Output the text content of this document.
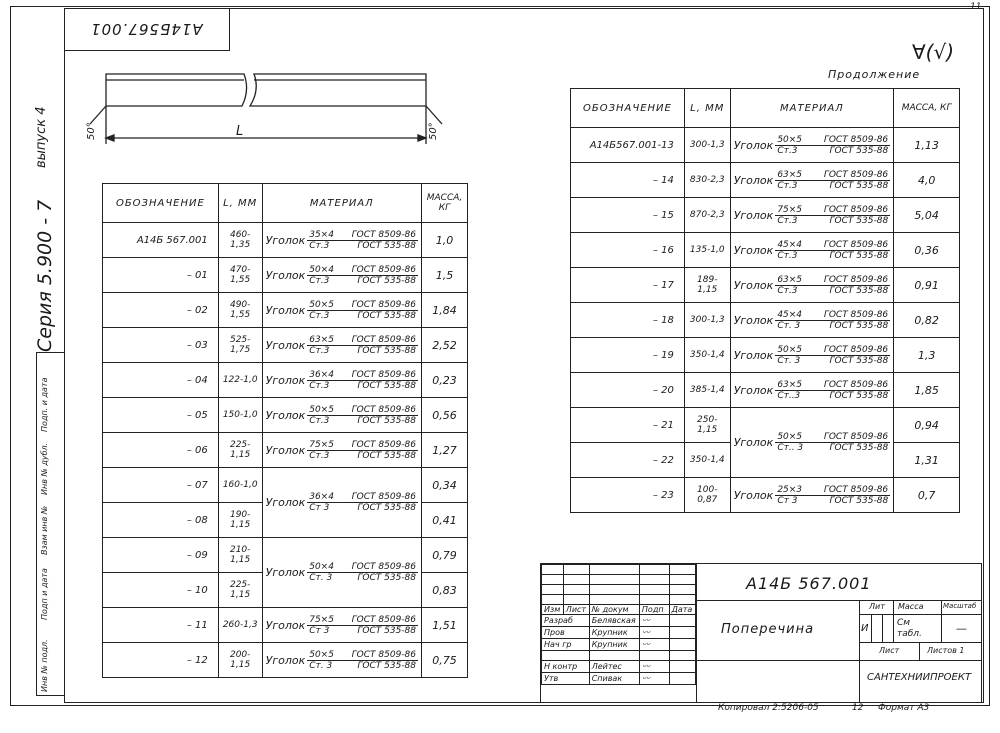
11
Серия 5.900 - 7
выпуск 4
Инв № подл.
Подп и дата
Взам инв №
Инв № дубл.
Подп. и дата
А14Б567.001
L
50°	50°
∀(√)
Продолжение
ОБОЗНАЧЕНИЕ	L, ММ	МАТЕРИАЛ	МАССА, КГ
А14Б 567.001	460-1,35	Уголок $\frac{\text{35×4 ГОСТ 8509-86}}{\text{Ст.3 ГОСТ 535-88}}$	1,0
– 01	470-1,55	Уголок $\frac{\text{50×4 ГОСТ 8509-86}}{\text{Ст.3 ГОСТ 535-88}}$	1,5
– 02	490-1,55	Уголок $\frac{\text{50×5 ГОСТ 8509-86}}{\text{Ст.3 ГОСТ 535-88}}$	1,84
– 03	525-1,75	Уголок $\frac{\text{63×5 ГОСТ 8509-86}}{\text{Ст.3 ГОСТ 535-88}}$	2,52
– 04	122-1,0	Уголок $\frac{\text{36×4 ГОСТ 8509-86}}{\text{Ст.3 ГОСТ 535-88}}$	0,23
– 05	150-1,0	Уголок $\frac{\text{50×5 ГОСТ 8509-86}}{\text{Ст.3 ГОСТ 535-88}}$	0,56
– 06	225-1,15	Уголок $\frac{\text{75×5 ГОСТ 8509-86}}{\text{Ст.3 ГОСТ 535-88}}$	1,27
– 07	160-1,0	Уголок $\frac{\text{36×4 ГОСТ 8509-86}}{\text{Ст 3 ГОСТ 535-88}}$	0,34
– 08	190-1,15		0,41
– 09	210-1,15	Уголок $\frac{\text{50×4 ГОСТ 8509-86}}{\text{Ст. 3 ГОСТ 535-88}}$	0,79
– 10	225-1,15		0,83
– 11	260-1,3	Уголок $\frac{\text{75×5 ГОСТ 8509-86}}{\text{Ст 3 ГОСТ 535-88}}$	1,51
– 12	200-1,15	Уголок $\frac{\text{50×5 ГОСТ 8509-86}}{\text{Ст. 3 ГОСТ 535-88}}$	0,75
ОБОЗНАЧЕНИЕ	L, ММ	МАТЕРИАЛ	МАССА, КГ
А14Б567.001-13	300-1,3	Уголок $\frac{\text{50×5 ГОСТ 8509-86}}{\text{Ст.3 ГОСТ 535-88}}$	1,13
– 14	830-2,3	Уголок $\frac{\text{63×5 ГОСТ 8509-86}}{\text{Ст.3 ГОСТ 535-88}}$	4,0
– 15	870-2,3	Уголок $\frac{\text{75×5 ГОСТ 8509-86}}{\text{Ст.3 ГОСТ 535-88}}$	5,04
– 16	135-1,0	Уголок $\frac{\text{45×4 ГОСТ 8509-86}}{\text{Ст.3 ГОСТ 535-88}}$	0,36
– 17	189-1,15	Уголок $\frac{\text{63×5 ГОСТ 8509-86}}{\text{Ст.3 ГОСТ 535-88}}$	0,91
– 18	300-1,3	Уголок $\frac{\text{45×4 ГОСТ 8509-86}}{\text{Ст. 3 ГОСТ 535-88}}$	0,82
– 19	350-1,4	Уголок $\frac{\text{50×5 ГОСТ 8509-86}}{\text{Ст. 3 ГОСТ 535-88}}$	1,3
– 20	385-1,4	Уголок $\frac{\text{63×5 ГОСТ 8509-86}}{\text{Ст..3 ГОСТ 535-88}}$	1,85
– 21	250-1,15	Уголок $\frac{\text{50×5 ГОСТ 8509-86}}{\text{Ст.. 3 ГОСТ 535-88}}$	0,94
– 22	350-1,4		1,31
– 23	100-0,87	Уголок $\frac{\text{25×3 ГОСТ 8509-86}}{\text{Ст 3 ГОСТ 535-88}}$	0,7

Изм	Лист	№ докум	Подп	Дата
Разраб		Белявская	〰	
Пров		Крупник	〰	
Нач гр		Крупник	〰	

Н контр		Лейтес	〰	
Утв		Спивак	〰	
А14Б 567.001
Поперечина
Лит Масса	Масштаб
И	См табл.	—
Лист	Листов 1
САНТЕХНИИПРОЕКТ
Копировал 2:5206-05	12 Формат А3
